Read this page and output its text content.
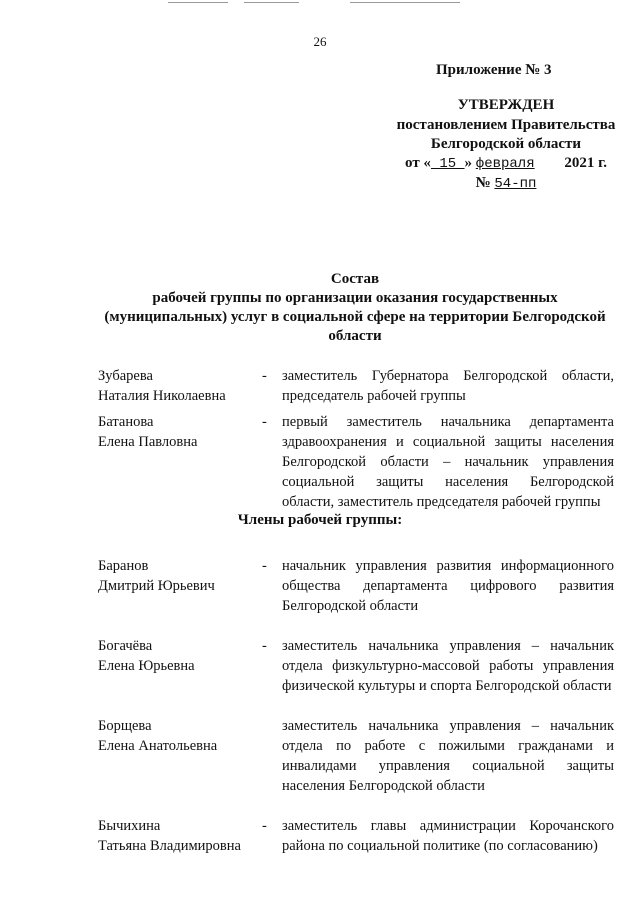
26
Приложение № 3
УТВЕРЖДЕН
постановлением Правительства
Белгородской области
от « 15 » февраля 2021 г.
№ 54-пп
Состав
рабочей группы по организации оказания государственных
(муниципальных) услуг в социальной сфере на территории Белгородской
области
Зубарева
Наталия Николаевна
- заместитель Губернатора Белгородской области, председатель рабочей группы
Батанова
Елена Павловна
- первый заместитель начальника департамента здравоохранения и социальной защиты населения Белгородской области – начальник управления социальной защиты населения Белгородской области, заместитель председателя рабочей группы
Члены рабочей группы:
Баранов
Дмитрий Юрьевич
- начальник управления развития информационного общества департамента цифрового развития Белгородской области
Богачёва
Елена Юрьевна
- заместитель начальника управления – начальник отдела физкультурно-массовой работы управления физической культуры и спорта Белгородской области
Борщева
Елена Анатольевна
заместитель начальника управления – начальник отдела по работе с пожилыми гражданами и инвалидами управления социальной защиты населения Белгородской области
Бычихина
Татьяна Владимировна
- заместитель главы администрации Корочанского района по социальной политике (по согласованию)
